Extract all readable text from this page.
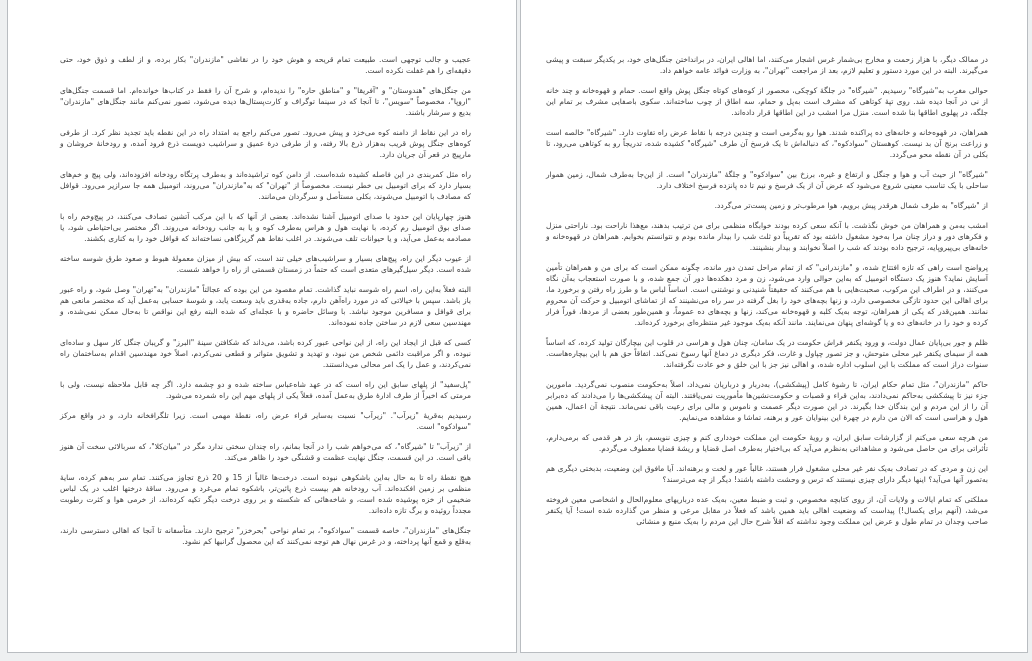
عجیب و جالب توجهی است. طبیعت تمام قریحه و هوش خود را در نقاشی "مازندران" بکار برده، و از لطف و ذوق خود، حتی دقیقه‌ای را هم غفلت نکرده است.

من جنگل‌های "هندوستان" و "آفریقا" و "مناطق حاره" را ندیده‌ام، و شرح آن را فقط در کتاب‌ها خوانده‌ام. اما قسمت جنگل‌های "اروپا"، مخصوصاً "سویس"، تا آنجا که در سینما توگراف و کارت‌پستال‌ها دیده می‌شود، تصور نمی‌کنم مانند جنگل‌های "مازندران" بدیع و سرشار باشند.

راه در این نقاط از دامنه کوه می‌خزد و پیش می‌رود. تصور می‌کنم راجع به امتداد راه در این نقطه باید تجدید نظر کرد. از طرفی کوه‌های جنگل پوش قریب به‌هزار ذرع بالا رفته، و از طرفی درهٔ عمیق و سراشیب دویست ذرع فرود آمده، و رودخانهٔ خروشان و مارپیچ در قعر آن جریان دارد.

راه مثل کمربندی در این فاصله کشیده شده‌است. از دامن کوه تراشیده‌اند و به‌طرف پرتگاه رودخانه افزوده‌اند، ولی پیچ و خم‌های بسیار دارد که برای اتومبیل بی خطر نیست. مخصوصاً از "تهران" که به‌"مازندران" می‌روند، اتومبیل همه جا سرازیر می‌رود. قوافل که مصادف با اتومبیل می‌شوند، بکلی مستأصل و سرگردان می‌مانند.

هنوز چهارپایان این حدود با صدای اتومبیل آشنا نشده‌اند. بعضی از آنها که با این مرکب آتشین تصادف می‌کنند، در پیچ‌وخم راه با صدای بوق اتومبیل رم کرده، با نهایت هول و هراس به‌طرف کوه و یا به جانب رودخانه می‌روند. اگر مختصر بی‌احتیاطی شود، یا مصادمه به‌عمل می‌آید، و یا حیوانات تلف می‌شوند. در اغلب نقاط هم گریزگاهی نساخته‌اند که قوافل خود را به کناری بکشند.

از عیوب دیگر این راه، پیچ‌های بسیار و سراشیب‌های خیلی تند است، که بیش از میزان معمولهٔ هبوط و صعود طرق شوسه ساخته شده است. دیگر سیل‌گیرهای متعدی است که حتماً در زمستان قسمتی از راه را خواهد شست.

البته فعلاً به‌این راه، اسم راه شوسه نباید گذاشت. تمام مقصود من این بوده که عجالتاً "مازندران" به‌"تهران" وصل شود، و راه عبور باز باشد. سپس با خیالاتی که در مورد راه‌آهن دارم، جاده به‌قدری باید وسعت یابد، و شوسهٔ حسابی به‌عمل آید که مختصر مانعی هم برای قوافل و مسافرین موجود نباشد. با وسائل حاضره و با عجله‌ای که شده البته رفع این نواقص تا به‌حال ممکن نمی‌شده، و مهندسین سعی لازم در ساختن جاده نموده‌اند.

کسی که قبل از ایجاد این راه، از این نواحی عبور کرده باشد، می‌داند که شکافتن سینهٔ "البرز" و گریبان جنگل کار سهل و ساده‌ای نبوده، و اگر مراقبت دائمی شخص من نبود، و تهدید و تشویق متواتر و قطعی نمی‌کردم، اصلاً خود مهندسین اقدام به‌ساختمان راه نمی‌کردند، و عمل را یک امر محالی می‌دانستند.

"پل‌سفید" از پلهای سابق این راه است که در عهد شاه‌عباس ساخته شده و دو چشمه دارد. اگر چه قابل ملاحظه نیست، ولی با مرمتی که اخیراً از طرف ادارهٔ طرق به‌عمل آمده، فعلاً یکی از پلهای مهم این راه شمرده می‌شود.

رسیدیم به‌قریهٔ "زیرآب". "زیرآب" نسبت به‌سایر قراء عرض راه، نقطهٔ مهمی است. زیرا تلگرافخانه دارد، و در واقع مرکز "سوادکوه" است.

از "زیرآب" تا "شیرگاه"، که می‌خواهم شب را در آنجا بمانم، راه چندان سختی ندارد مگر در "میان‌کلا"، که سربالائی سخت آن هنوز باقی است. در این قسمت، جنگل نهایت عظمت و قشنگی خود را ظاهر می‌کند.

هیچ نقطهٔ راه تا به حال به‌این باشکوهی نبوده است. درخت‌ها غالباً از 15 و 20 ذرع تجاوز می‌کنند. تمام سر به‌هم کرده، سایهٔ منظمی بر زمین افکنده‌اند. آب رودخانه هم بیست ذرع پائین‌تر، باشکوه تمام می‌غرد و می‌رود. ساقهٔ درختها اغلب در یک لباس ضخیمی از خزه پوشیده شده است، و شاخه‌هائی که شکسته و بر روی درخت دیگر تکیه کرده‌اند، از خرمی هوا و کثرت رطوبت مجدداً روئیده و برگ تازه داده‌اند.

جنگل‌های "مازندران"، خاصه قسمت "سوادکوه"، بر تمام نواحی "بحرخزر" ترجیح دارند. متأسفانه تا آنجا که اهالی دسترسی دارند، به‌قلع و قمع آنها پرداخته، و در غرس نهال هم توجه نمی‌کنند که این محصول گرانبها کم نشود.

در ممالک دیگر، با هزار زحمت و مخارج بی‌شمار غرس اشجار می‌کنند، اما اهالی ایران، در برانداختن جنگل‌های خود، بر یکدیگر سبقت و پیشی می‌گیرند. البته در این مورد دستور و تعلیم لازم، بعد از مراجعت "تهران"، به وزارت فوائد عامه خواهم داد.

حوالی مغرب به‌"شیرگاه" رسیدیم. "شیرگاه" در جلگهٔ کوچکی، محصور از کوه‌های کوتاه جنگل پوش واقع است. حمام و قهوه‌خانه و چند خانه از نی در آنجا دیده شد. روی تپهٔ کوتاهی که مشرف است به‌پل و حمام، سه اطاق از چوب ساخته‌اند. سکوی باصفایی مشرف بر تمام این جلگه، در پهلوی اطاقها بنا شده است. منزل مرا امشب در این اطاقها قرار داده‌اند.

همراهان، در قهوه‌خانه و خانه‌های ده پراکنده شدند. هوا رو به‌گرمی است و چندین درجه با نقاط عرض راه تفاوت دارد. "شیرگاه" خالصه است و زراعت برنج آن بد نیست. کوهستان "سوادکوه"، که دنباله‌اش تا یک فرسخ آن طرف "شیرگاه" کشیده شده، تدریجاً رو به کوتاهی می‌رود، تا بکلی در آن نقطه محو می‌گردد.

"شیرگاه" از حیث آب و هوا و جنگل و ارتفاع و غیره، برزخ بین "سوادکوه" و جلگهٔ "مازندران" است. از این‌جا به‌طرف شمال، زمین هموار ساحلی با یک تناسب معینی شروع می‌شود که عرض آن از یک فرسخ و نیم تا ده پانزده فرسخ اختلاف دارد.

از "شیرگاه" به طرف شمال هرقدر پیش برویم، هوا مرطوب‌تر و زمین پست‌تر می‌گردد.

امشب به‌من و همراهان من خوش نگذشت. با آنکه سعی کرده بودند خوابگاه منظمی برای من ترتیب بدهند، مع‌هذا ناراحت بود. ناراحتی منزل و فکرهای دور و دراز چنان مرا به‌خود مشغول داشته بود که تقریباً دو ثلث شب را بیدار مانده بودم و نتوانستم بخوابم. همراهان در قهوه‌خانه و خانه‌های بی‌پیروپایه، ترجیح داده بودند که شب را اصلاً نخوابند و بیدار بنشینند.

پرواضح است راهی که تازه افتتاح شده، و "مازندرانی" که از تمام مراحل تمدن دور مانده، چگونه ممکن است که برای من و همراهان تأمین آسایش نماید؟ هنوز یک دستگاه اتومبیل که به‌این حوالی وارد می‌شود، زن و مرد دهکده‌ها دور آن جمع شده، و با صورت استعجاب به‌آن نگاه می‌کنند، و در اطراف این مرکوب، صحبت‌هایی با هم می‌کنند که حقیقتاً شنیدنی و نوشتنی است. اساساً لباس ما و طرز راه رفتن و برخورد ما، برای اهالی این حدود تازگی مخصوصی دارد، و زنها بچه‌های خود را بغل گرفته در سر راه می‌نشینند که از تماشای اتومبیل و حرکت آن محروم نمانند. همین‌قدر که یکی از همراهان، توجه به‌یک کلبه و قهوه‌خانه می‌کند، زنها و بچه‌های ده عموماً، و همین‌طور بعضی از مردها، فوراً فرار کرده و خود را در خانه‌های ده و یا گوشه‌ای پنهان می‌نمایند. مانند آنکه به‌یک موجود غیر منتظره‌ای برخورد کرده‌اند.

ظلم و جور بی‌پایان عمال دولت، و ورود یکنفر فراش حکومت در یک سامان، چنان هول و هراسی در قلوب این بیچارگان تولید کرده، که اساساً همه از سیمای یکنفر غیر محلی متوحش، و جز تصور چپاول و غارت، فکر دیگری در دماغ آنها رسوخ نمی‌کند. اتفاقاً حق هم با این بیچاره‌هاست. سنوات دراز است که مملکت با این اسلوب اداره شده، و اهالی نیز جز با این خلق و خو عادت نگرفته‌اند.

حاکم "مازندران"، مثل تمام حکام ایران، تا رشوهٔ کامل (پیشکشی)، به‌دربار و درباریان نمی‌داد، اصلاً به‌حکومت منصوب نمی‌گردید. مامورین جزء نیز تا پیشکشی به‌حاکم نمی‌دادند، به‌این قراء و قصبات و حکومت‌نشین‌ها مأموریت نمی‌یافتند. البته آن پیشکشی‌ها را می‌دادند که ده‌برابر آن را از این مردم و این بندگان خدا بگیرند. در این صورت دیگر عصمت و ناموس و مالی برای رعیت باقی نمی‌ماند. نتیجهٔ آن اعمال، همین هول و هراسی است که الان من دارم در چهرهٔ این بینوایان عور و برهنه، تماشا و مشاهده می‌نمایم.

من هرچه سعی می‌کنم از گزارشات سابق ایران، و رویهٔ حکومت این مملکت خودداری کنم و چیزی ننویسم، باز در هر قدمی که برمی‌دارم، تأثراتی برای من حاصل می‌شود و مشاهداتی به‌نظرم می‌آید که بی‌اختیار به‌طرف اصل قضایا و ریشهٔ قضایا معطوف می‌گردم.

این زن و مردی که در تصادف به‌یک نفر غیر محلی مشغول فرار هستند، غالباً عور و لخت و برهنه‌اند. آیا مافوق این وضعیت، بدبختی دیگری هم به‌تصور آنها می‌آید؟ اینها دیگر دارای چیزی نیستند که ترس و وحشت داشته باشند! دیگر از چه می‌ترسند؟

مملکتی که تمام ایالات و ولایات آن، از روی کتابچه مخصوص، و ثبت و ضبط معین، به‌یک عده درباریهای معلوم‌الحال و اشخاصی معین فروخته می‌شد، (آنهم برای یکسال!) پیداست که وضعیت اهالی باید همین باشد که فعلاً در مقابل مرعی و منظر من گذارده شده است! آیا یکنفر صاحب وجدان در تمام طول و عرض این مملکت وجود نداشته که اقلاً شرح حال این مردم را به‌یک منبع و منشائی
